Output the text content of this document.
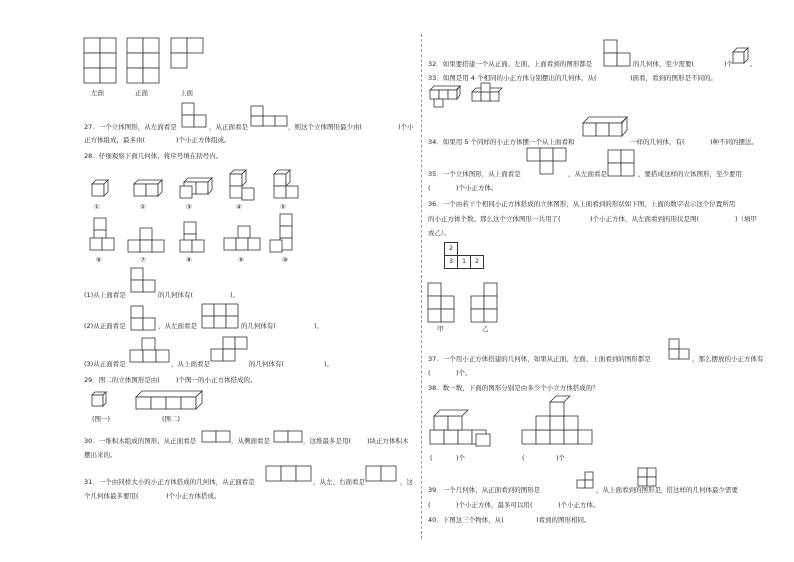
左面	正面	上面
27．一个立体图形，从左面看是	，从正面看是	，则这个立体图形最少由(	)个小
正方体组成，最多由(	)个小正方体组成。
28．仔细观察下面几何体，将序号填在括号内。
①	②	③	④	⑤
⑥	⑦	⑧	⑨	⑩
(1)从上面看是	的几何体有(	)。
(2)从正面看是	，从左面看是	的几何体有(	)。
(3)从正面看是	，从上面看是	的几何体有(	)。
29．图二的立体图形是由( )个图一的小正方体搭成的。
(图一)	(图二)
30．一堆积木组成的图形，从正面看是	，从侧面看是	，这堆最多是用( )块正方体积木
摆出来的。
31．一个由同样大小的小正方体搭成的几何体，从正面看是	，从左、右面看是	，这
个几何体最多要用(	)个小正方体搭成。
32．如果要搭建一个从正面、左面、上面看到的图形都是	的几何体，至少需要(	)个	。
33．如图是用 4 个相同的小正方体分别摆出的几何体，从(	)面看，看到的图形是不同的。
34．如果用 5 个同样的小正方体摆一个从上面看和	一样的几何体，有(	)种不同的摆法。
35．一个立体图形，从上面看是	，从左面看是	，要搭成这样的立体图形，至少要用
(	)个小正方体。
36．一个由若干个相同小正方体搭成的立体图形，从上面看到的形状如下图，上面的数字表示这个位置所用
的小正方体个数。那么这个立体图形一共用了(	)个小正方体，从左面看到的形状是图(	)（填甲
或乙）。
2
3	1	2
甲	乙
37．一个用小正方体搭建的几何体，如果从正面、左面、上面看到的图形都是	，那么摆放的小正方体有
(	)个。
38．数一数，下面的图形分别是由多少个小立方体搭成的？
(	)个	(	)个
39．一个几何体，从正面看到的图形是	，从上面看到的图形是 ，搭这样的几何体最少需要
(	)个小正方体，最多可以用(	)个小正方体。
40．下图这三个物体，从(	)看到的图形相同。
